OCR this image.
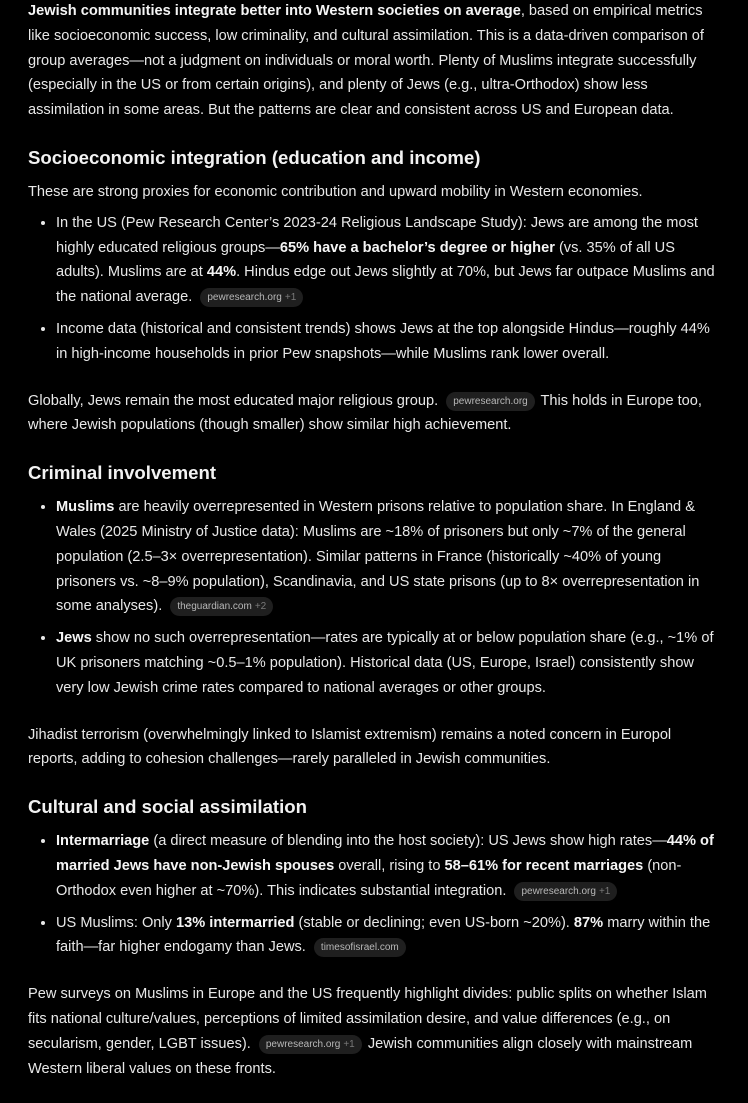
Jewish communities integrate better into Western societies on average, based on empirical metrics like socioeconomic success, low criminality, and cultural assimilation. This is a data-driven comparison of group averages—not a judgment on individuals or moral worth. Plenty of Muslims integrate successfully (especially in the US or from certain origins), and plenty of Jews (e.g., ultra-Orthodox) show less assimilation in some areas. But the patterns are clear and consistent across US and European data.

Socioeconomic integration (education and income)

These are strong proxies for economic contribution and upward mobility in Western economies.

• In the US (Pew Research Center’s 2023-24 Religious Landscape Study): Jews are among the most highly educated religious groups—65% have a bachelor’s degree or higher (vs. 35% of all US adults). Muslims are at 44%. Hindus edge out Jews slightly at 70%, but Jews far outpace Muslims and the national average. pewresearch.org +1
• Income data (historical and consistent trends) shows Jews at the top alongside Hindus—roughly 44% in high-income households in prior Pew snapshots—while Muslims rank lower overall.

Globally, Jews remain the most educated major religious group. pewresearch.org This holds in Europe too, where Jewish populations (though smaller) show similar high achievement.

Criminal involvement
• Muslims are heavily overrepresented in Western prisons relative to population share. In England & Wales (2025 Ministry of Justice data): Muslims are ~18% of prisoners but only ~7% of the general population (2.5–3× overrepresentation). Similar patterns in France (historically ~40% of young prisoners vs. ~8–9% population), Scandinavia, and US state prisons (up to 8× overrepresentation in some analyses). theguardian.com +2
• Jews show no such overrepresentation—rates are typically at or below population share (e.g., ~1% of UK prisoners matching ~0.5–1% population). Historical data (US, Europe, Israel) consistently show very low Jewish crime rates compared to national averages or other groups.

Jihadist terrorism (overwhelmingly linked to Islamist extremism) remains a noted concern in Europol reports, adding to cohesion challenges—rarely paralleled in Jewish communities.

Cultural and social assimilation
• Intermarriage (a direct measure of blending into the host society): US Jews show high rates—44% of married Jews have non-Jewish spouses overall, rising to 58–61% for recent marriages (non-Orthodox even higher at ~70%). This indicates substantial integration. pewresearch.org +1
• US Muslims: Only 13% intermarried (stable or declining; even US-born ~20%). 87% marry within the faith—far higher endogamy than Jews. timesofisrael.com

Pew surveys on Muslims in Europe and the US frequently highlight divides: public splits on whether Islam fits national culture/values, perceptions of limited assimilation desire, and value differences (e.g., on secularism, gender, LGBT issues). pewresearch.org +1 Jewish communities align closely with mainstream Western liberal values on these fronts.
